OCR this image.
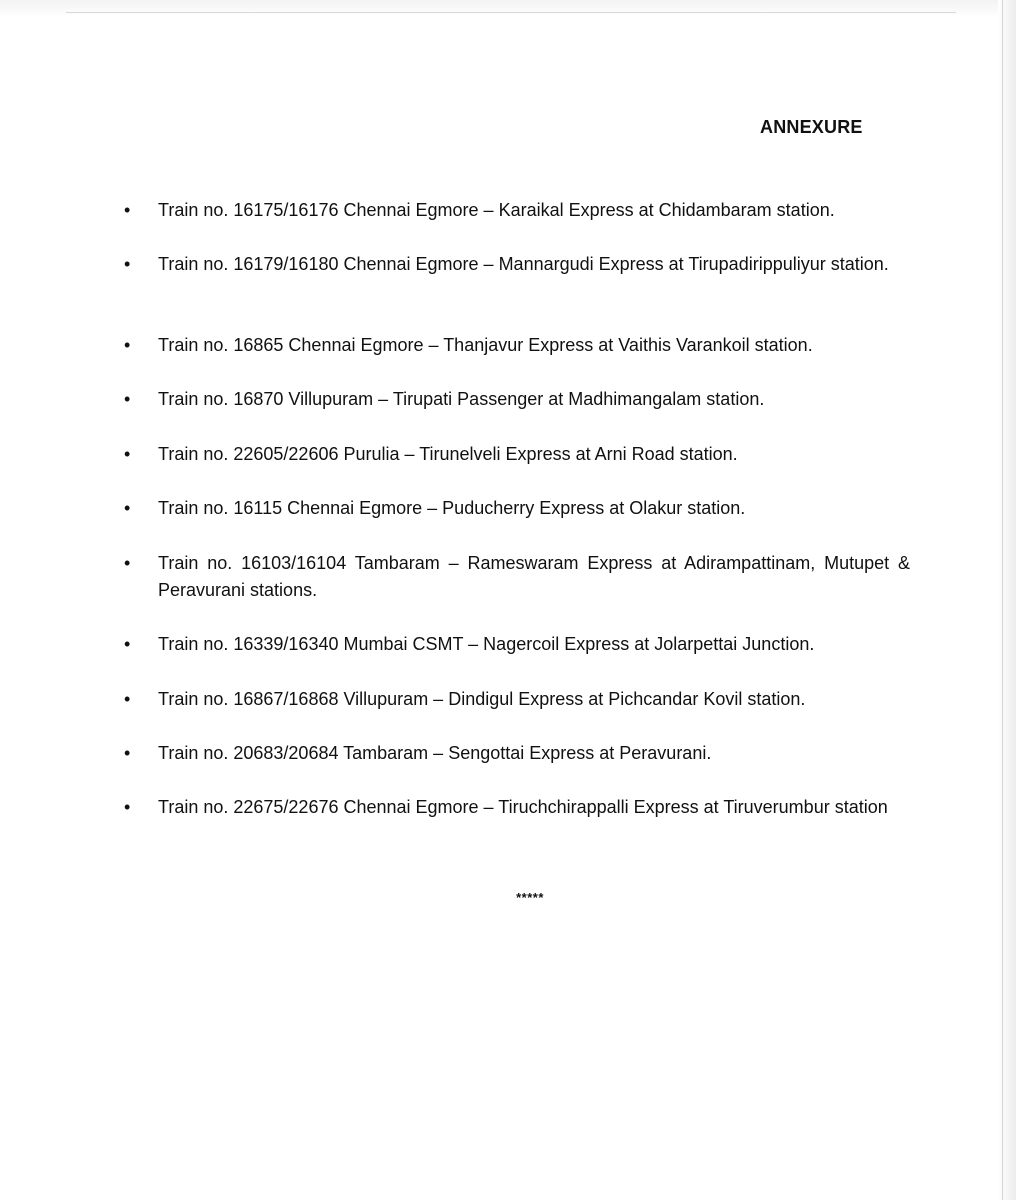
ANNEXURE
•	Train no. 16175/16176 Chennai Egmore – Karaikal Express at Chidambaram station.
•	Train no. 16179/16180 Chennai Egmore – Mannargudi Express at Tirupadirippuliyur station.
•	Train no. 16865 Chennai Egmore – Thanjavur Express at Vaithis Varankoil station.
•	Train no. 16870 Villupuram – Tirupati Passenger at Madhimangalam station.
•	Train no. 22605/22606 Purulia – Tirunelveli Express at Arni Road station.
•	Train no. 16115 Chennai Egmore – Puducherry Express at Olakur station.
•	Train no. 16103/16104 Tambaram – Rameswaram Express at Adirampattinam, Mutupet & Peravurani stations.
•	Train no. 16339/16340 Mumbai CSMT – Nagercoil Express at Jolarpettai Junction.
•	Train no. 16867/16868 Villupuram – Dindigul Express at Pichcandar Kovil station.
•	Train no. 20683/20684 Tambaram – Sengottai Express at Peravurani.
•	Train no. 22675/22676 Chennai Egmore – Tiruchchirappalli Express at Tiruverumbur station
*****
